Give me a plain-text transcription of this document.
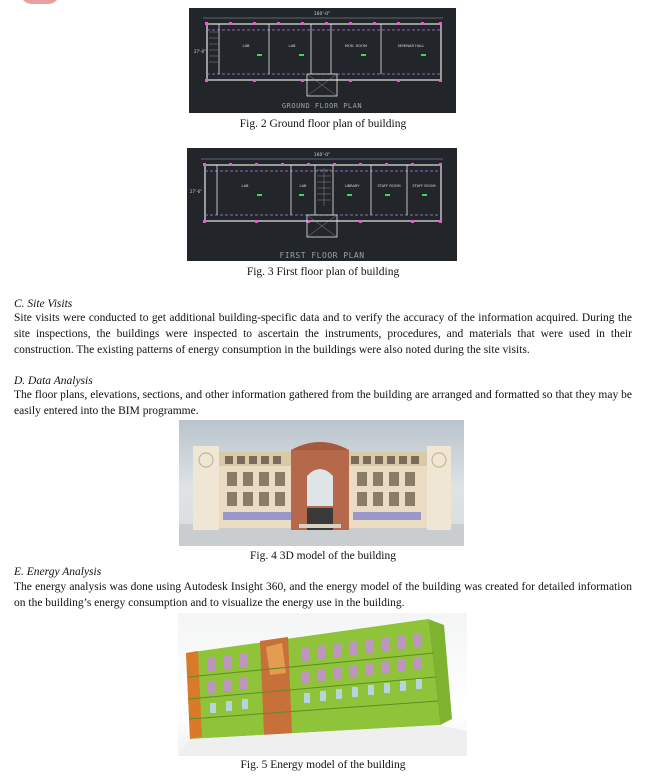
160'-0"
27'-6"
LAB	LAB	MOD. ROOM	SEMINAR HALL
GROUND FLOOR PLAN
Fig. 2 Ground floor plan of building
160'-0"
27'-6"
LAB	LAB	LIBRARY	STAFF ROOM	STAFF ROOM
FIRST FLOOR PLAN
Fig. 3 First floor plan of building
C. Site Visits
Site visits were conducted to get additional building-specific data and to verify the accuracy of the information acquired. During the site inspections, the buildings were inspected to ascertain the instruments, procedures, and materials that were used in their construction. The existing patterns of energy consumption in the buildings were also noted during the site visits.
D. Data Analysis
The floor plans, elevations, sections, and other information gathered from the building are arranged and formatted so that they may be easily entered into the BIM programme.
Fig. 4 3D model of the building
E. Energy Analysis
The energy analysis was done using Autodesk Insight 360, and the energy model of the building was created for detailed information on the building’s energy consumption and to visualize the energy use in the building.
Fig. 5 Energy model of the building
